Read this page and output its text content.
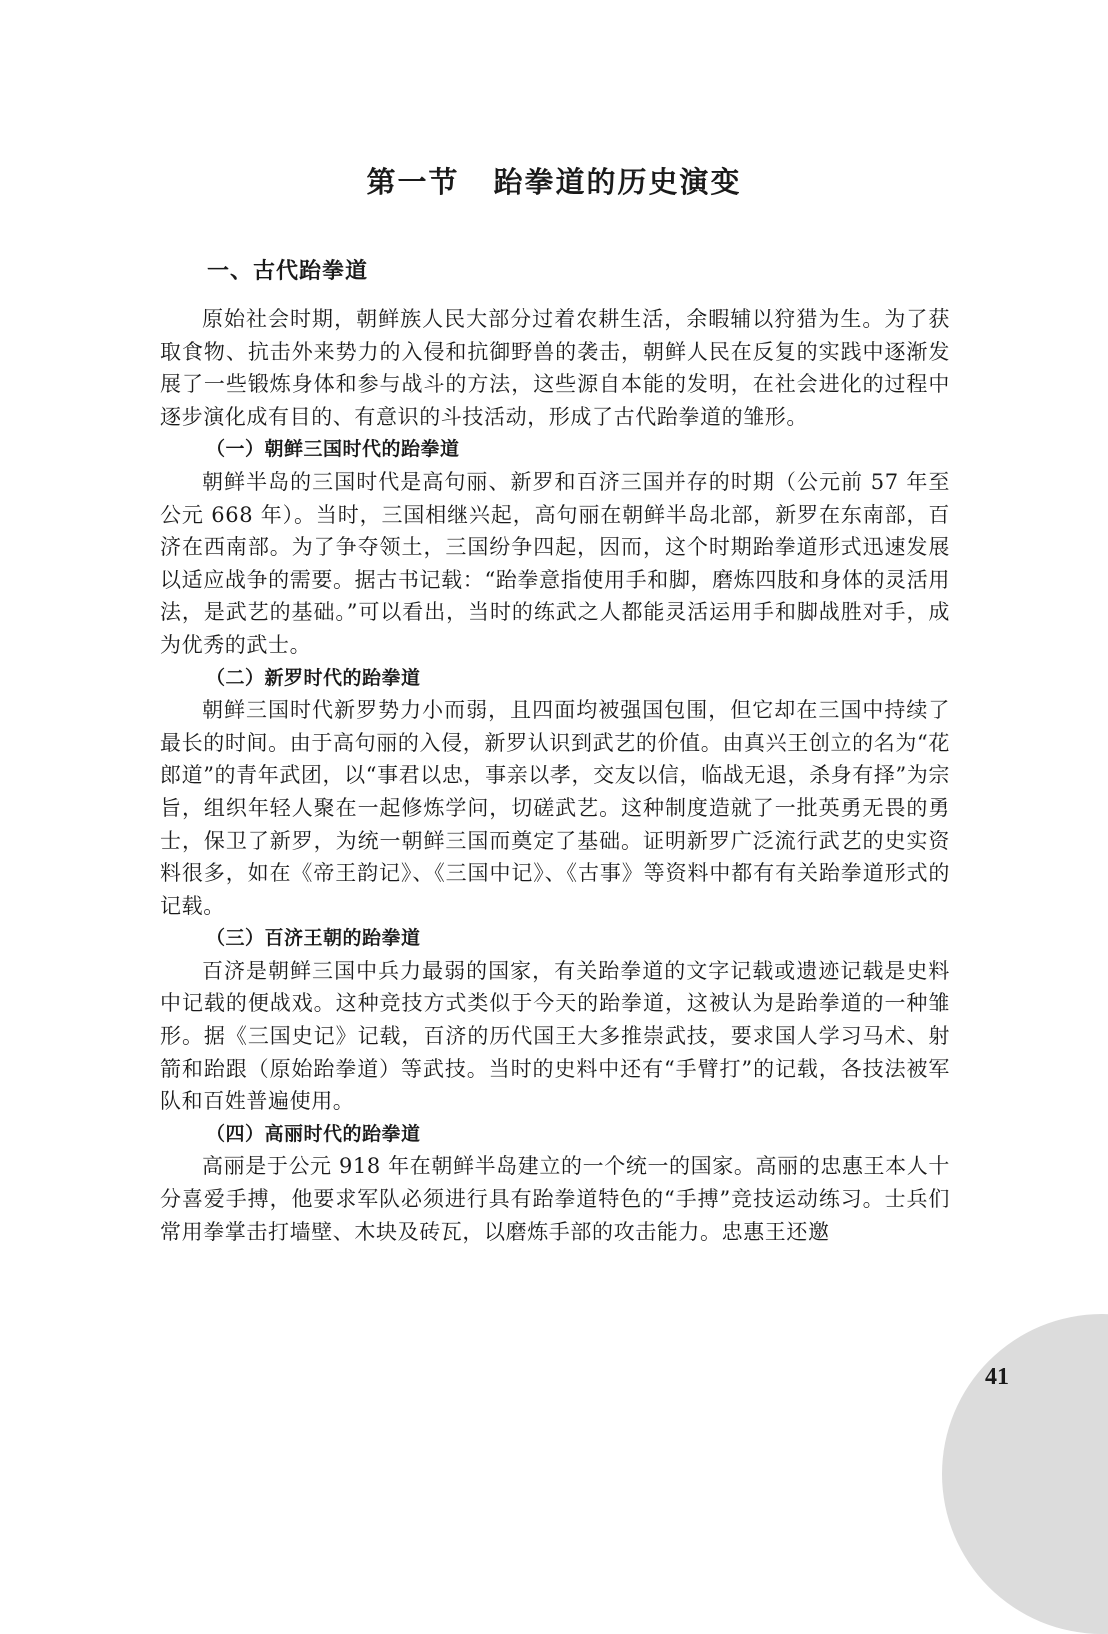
第一节 跆拳道的历史演变
一、古代跆拳道

原始社会时期，朝鲜族人民大部分过着农耕生活，余暇辅以狩猎为生。为了获取食物、抗击外来势力的入侵和抗御野兽的袭击，朝鲜人民在反复的实践中逐渐发展了一些锻炼身体和参与战斗的方法，这些源自本能的发明，在社会进化的过程中逐步演化成有目的、有意识的斗技活动，形成了古代跆拳道的雏形。

（一）朝鲜三国时代的跆拳道

朝鲜半岛的三国时代是高句丽、新罗和百济三国并存的时期（公元前 57 年至公元 668 年）。当时，三国相继兴起，高句丽在朝鲜半岛北部，新罗在东南部，百济在西南部。为了争夺领土，三国纷争四起，因而，这个时期跆拳道形式迅速发展以适应战争的需要。据古书记载：“跆拳意指使用手和脚，磨炼四肢和身体的灵活用法，是武艺的基础。”可以看出，当时的练武之人都能灵活运用手和脚战胜对手，成为优秀的武士。

（二）新罗时代的跆拳道

朝鲜三国时代新罗势力小而弱，且四面均被强国包围，但它却在三国中持续了最长的时间。由于高句丽的入侵，新罗认识到武艺的价值。由真兴王创立的名为“花郎道”的青年武团，以“事君以忠，事亲以孝，交友以信，临战无退，杀身有择”为宗旨，组织年轻人聚在一起修炼学问，切磋武艺。这种制度造就了一批英勇无畏的勇士，保卫了新罗，为统一朝鲜三国而奠定了基础。证明新罗广泛流行武艺的史实资料很多，如在《帝王韵记》、《三国中记》、《古事》等资料中都有有关跆拳道形式的记载。

（三）百济王朝的跆拳道

百济是朝鲜三国中兵力最弱的国家，有关跆拳道的文字记载或遗迹记载是史料中记载的便战戏。这种竞技方式类似于今天的跆拳道，这被认为是跆拳道的一种雏形。据《三国史记》记载，百济的历代国王大多推崇武技，要求国人学习马术、射箭和跆跟（原始跆拳道）等武技。当时的史料中还有“手臂打”的记载，各技法被军队和百姓普遍使用。

（四）高丽时代的跆拳道

高丽是于公元 918 年在朝鲜半岛建立的一个统一的国家。高丽的忠惠王本人十分喜爱手搏，他要求军队必须进行具有跆拳道特色的“手搏”竞技运动练习。士兵们常用拳掌击打墙壁、木块及砖瓦，以磨炼手部的攻击能力。忠惠王还邀

41
